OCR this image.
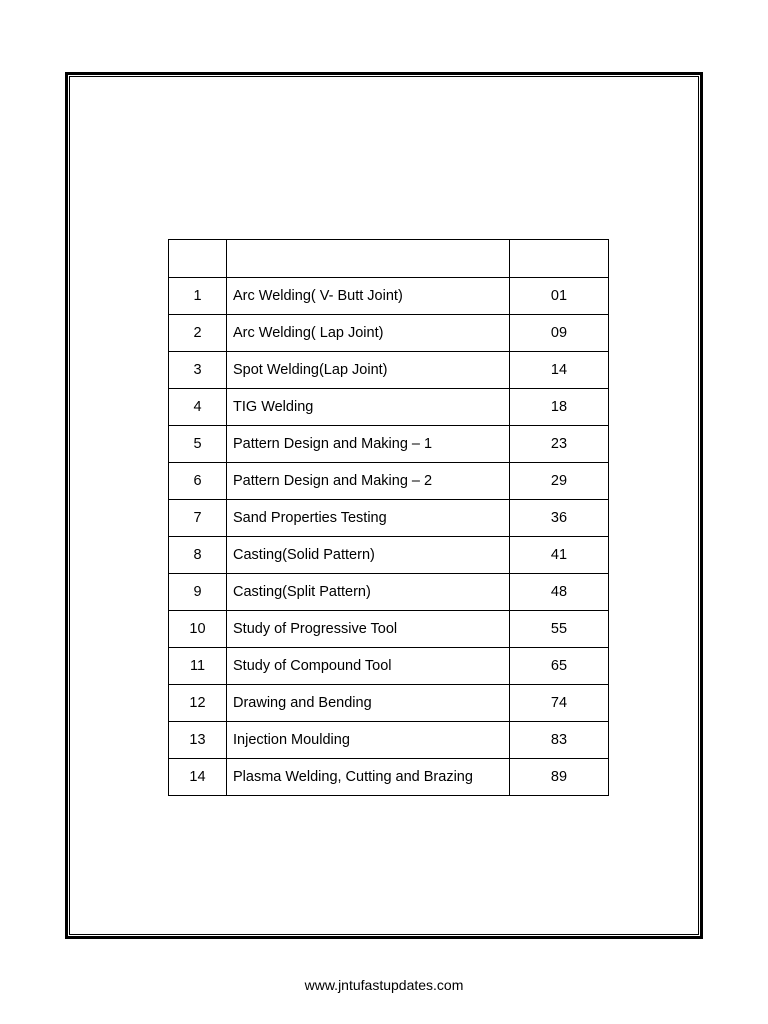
1	Arc Welding( V- Butt Joint)	01
2	Arc Welding( Lap Joint)	09
3	Spot Welding(Lap Joint)	14
4	TIG Welding	18
5	Pattern Design and Making – 1	23
6	Pattern Design and Making – 2	29
7	Sand Properties Testing	36
8	Casting(Solid Pattern)	41
9	Casting(Split Pattern)	48
10	Study of Progressive Tool	55
11	Study of Compound Tool	65
12	Drawing and Bending	74
13	Injection Moulding	83
14	Plasma Welding, Cutting and Brazing	89
www.jntufastupdates.com
